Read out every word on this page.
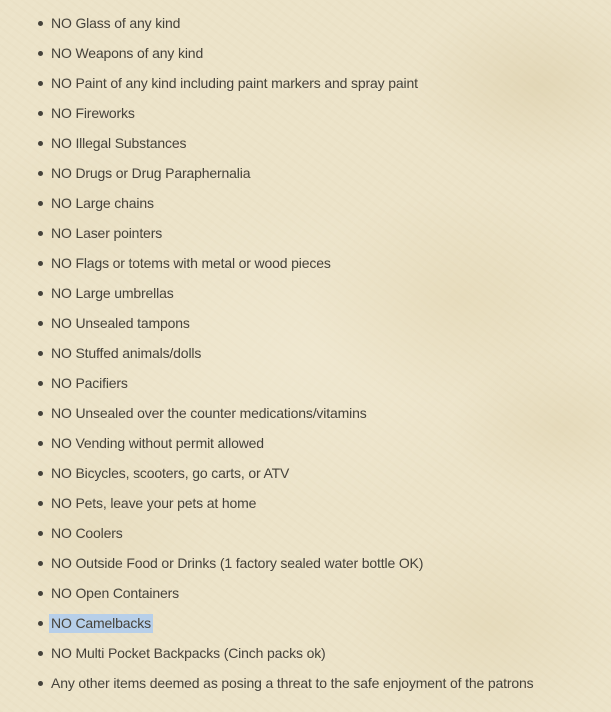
NO Glass of any kind
NO Weapons of any kind
NO Paint of any kind including paint markers and spray paint
NO Fireworks
NO Illegal Substances
NO Drugs or Drug Paraphernalia
NO Large chains
NO Laser pointers
NO Flags or totems with metal or wood pieces
NO Large umbrellas
NO Unsealed tampons
NO Stuffed animals/dolls
NO Pacifiers
NO Unsealed over the counter medications/vitamins
NO Vending without permit allowed
NO Bicycles, scooters, go carts, or ATV
NO Pets, leave your pets at home
NO Coolers
NO Outside Food or Drinks (1 factory sealed water bottle OK)
NO Open Containers
NO Camelbacks
NO Multi Pocket Backpacks (Cinch packs ok)
Any other items deemed as posing a threat to the safe enjoyment of the patrons
